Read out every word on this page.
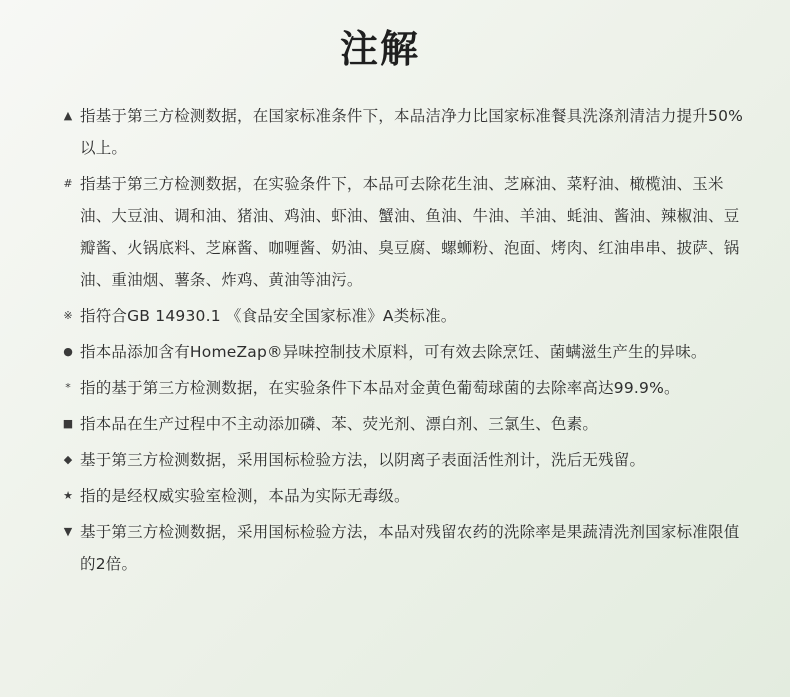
注解
▲ 指基于第三方检测数据，在国家标准条件下，本品洁净力比国家标准餐具洗涤剂清洁力提升50%以上。
# 指基于第三方检测数据，在实验条件下，本品可去除花生油、芝麻油、菜籽油、橄榄油、玉米油、大豆油、调和油、猪油、鸡油、虾油、蟹油、鱼油、牛油、羊油、蚝油、酱油、辣椒油、豆瓣酱、火锅底料、芝麻酱、咖喱酱、奶油、臭豆腐、螺蛳粉、泡面、烤肉、红油串串、披萨、锅油、重油烟、薯条、炸鸡、黄油等油污。
※ 指符合GB 14930.1 《食品安全国家标准》A类标准。
● 指本品添加含有HomeZap®异味控制技术原料，可有效去除烹饪、菌螨滋生产生的异味。
* 指的基于第三方检测数据，在实验条件下本品对金黄色葡萄球菌的去除率高达99.9%。
■ 指本品在生产过程中不主动添加磷、苯、荧光剂、漂白剂、三氯生、色素。
◆ 基于第三方检测数据，采用国标检验方法，以阴离子表面活性剂计，洗后无残留。
★ 指的是经权威实验室检测，本品为实际无毒级。
▼ 基于第三方检测数据，采用国标检验方法，本品对残留农药的洗除率是果蔬清洗剂国家标准限值的2倍。
